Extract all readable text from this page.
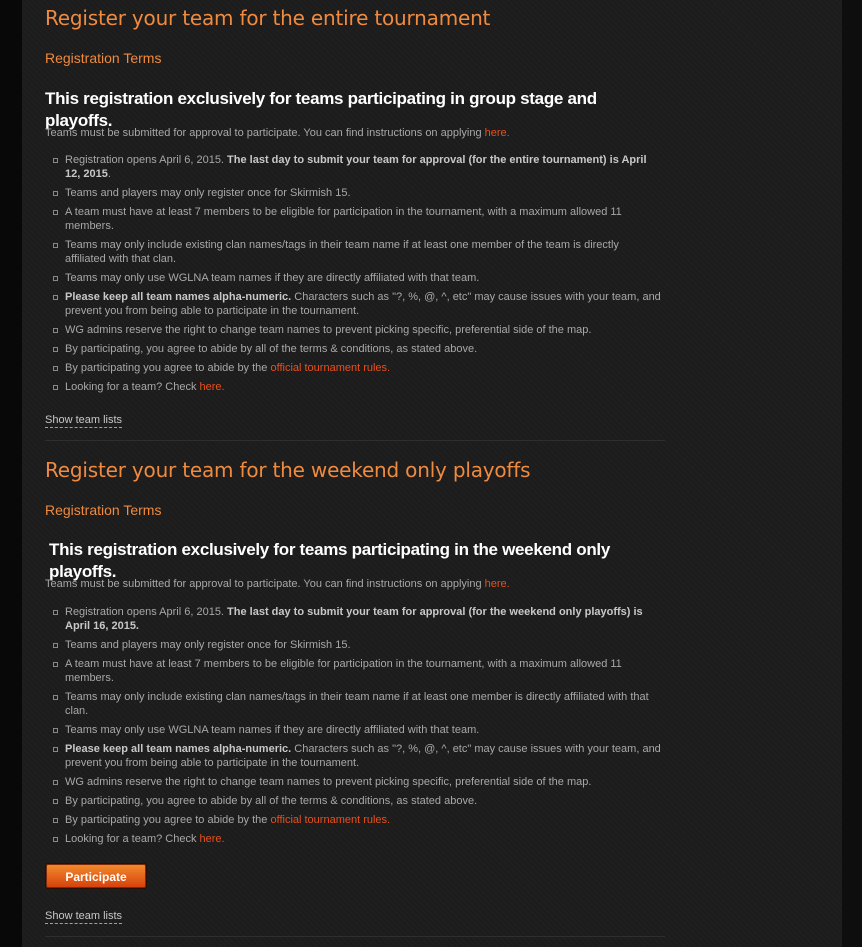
Register your team for the entire tournament
Registration Terms
This registration exclusively for teams participating in group stage and playoffs.
Teams must be submitted for approval to participate. You can find instructions on applying here.
Registration opens April 6, 2015. The last day to submit your team for approval (for the entire tournament) is April 12, 2015.
Teams and players may only register once for Skirmish 15.
A team must have at least 7 members to be eligible for participation in the tournament, with a maximum allowed 11 members.
Teams may only include existing clan names/tags in their team name if at least one member of the team is directly affiliated with that clan.
Teams may only use WGLNA team names if they are directly affiliated with that team.
Please keep all team names alpha-numeric. Characters such as "?, %, @, ^, etc" may cause issues with your team, and prevent you from being able to participate in the tournament.
WG admins reserve the right to change team names to prevent picking specific, preferential side of the map.
By participating, you agree to abide by all of the terms & conditions, as stated above.
By participating you agree to abide by the official tournament rules.
Looking for a team? Check here.
Show team lists
Register your team for the weekend only playoffs
Registration Terms
This registration exclusively for teams participating in the weekend only playoffs.
Teams must be submitted for approval to participate. You can find instructions on applying here.
Registration opens April 6, 2015. The last day to submit your team for approval (for the weekend only playoffs) is April 16, 2015.
Teams and players may only register once for Skirmish 15.
A team must have at least 7 members to be eligible for participation in the tournament, with a maximum allowed 11 members.
Teams may only include existing clan names/tags in their team name if at least one member is directly affiliated with that clan.
Teams may only use WGLNA team names if they are directly affiliated with that team.
Please keep all team names alpha-numeric. Characters such as "?, %, @, ^, etc" may cause issues with your team, and prevent you from being able to participate in the tournament.
WG admins reserve the right to change team names to prevent picking specific, preferential side of the map.
By participating, you agree to abide by all of the terms & conditions, as stated above.
By participating you agree to abide by the official tournament rules.
Looking for a team? Check here.
Participate
Show team lists
